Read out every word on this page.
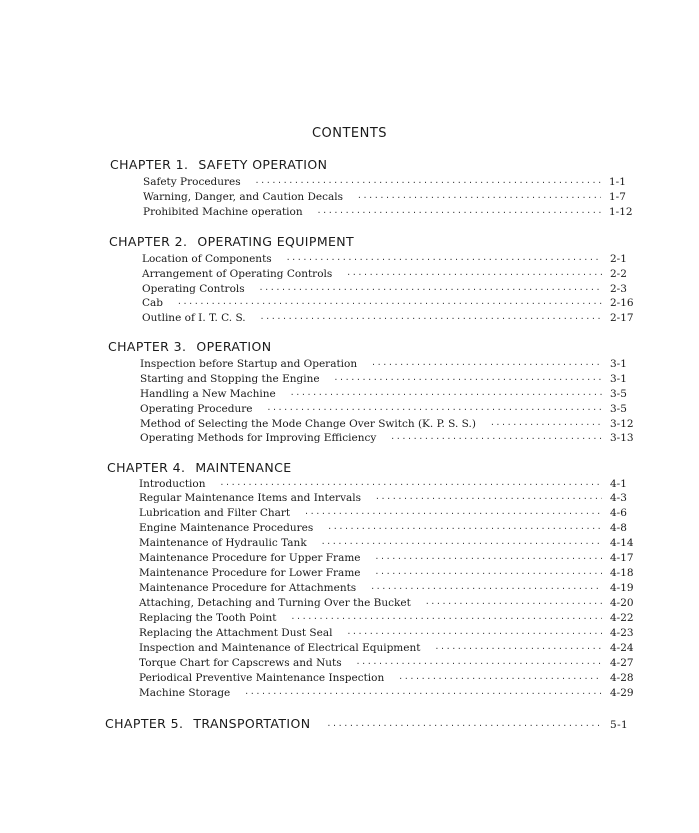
CONTENTS
CHAPTER 1. SAFETY OPERATION
Safety Procedures ·····	1-1
Warning, Danger, and Caution Decals ·····	1-7
Prohibited Machine operation ·····	1-12
CHAPTER 2. OPERATING EQUIPMENT
Location of Components ·····	2-1
Arrangement of Operating Controls ·····	2-2
Operating Controls ·····	2-3
Cab ·····	2-16
Outline of I. T. C. S. ·····	2-17
CHAPTER 3. OPERATION
Inspection before Startup and Operation ·····	3-1
Starting and Stopping the Engine ·····	3-1
Handling a New Machine ·····	3-5
Operating Procedure ·····	3-5
Method of Selecting the Mode Change Over Switch (K. P. S. S.) ·····	3-12
Operating Methods for Improving Efficiency ·····	3-13
CHAPTER 4. MAINTENANCE
Introduction ·····	4-1
Regular Maintenance Items and Intervals ·····	4-3
Lubrication and Filter Chart ·····	4-6
Engine Maintenance Procedures ·····	4-8
Maintenance of Hydraulic Tank ·····	4-14
Maintenance Procedure for Upper Frame ·····	4-17
Maintenance Procedure for Lower Frame ·····	4-18
Maintenance Procedure for Attachments ·····	4-19
Attaching, Detaching and Turning Over the Bucket ·····	4-20
Replacing the Tooth Point ·····	4-22
Replacing the Attachment Dust Seal ·····	4-23
Inspection and Maintenance of Electrical Equipment ·····	4-24
Torque Chart for Capscrews and Nuts ·····	4-27
Periodical Preventive Maintenance Inspection ·····	4-28
Machine Storage ·····	4-29
CHAPTER 5. TRANSPORTATION ·····	5-1
